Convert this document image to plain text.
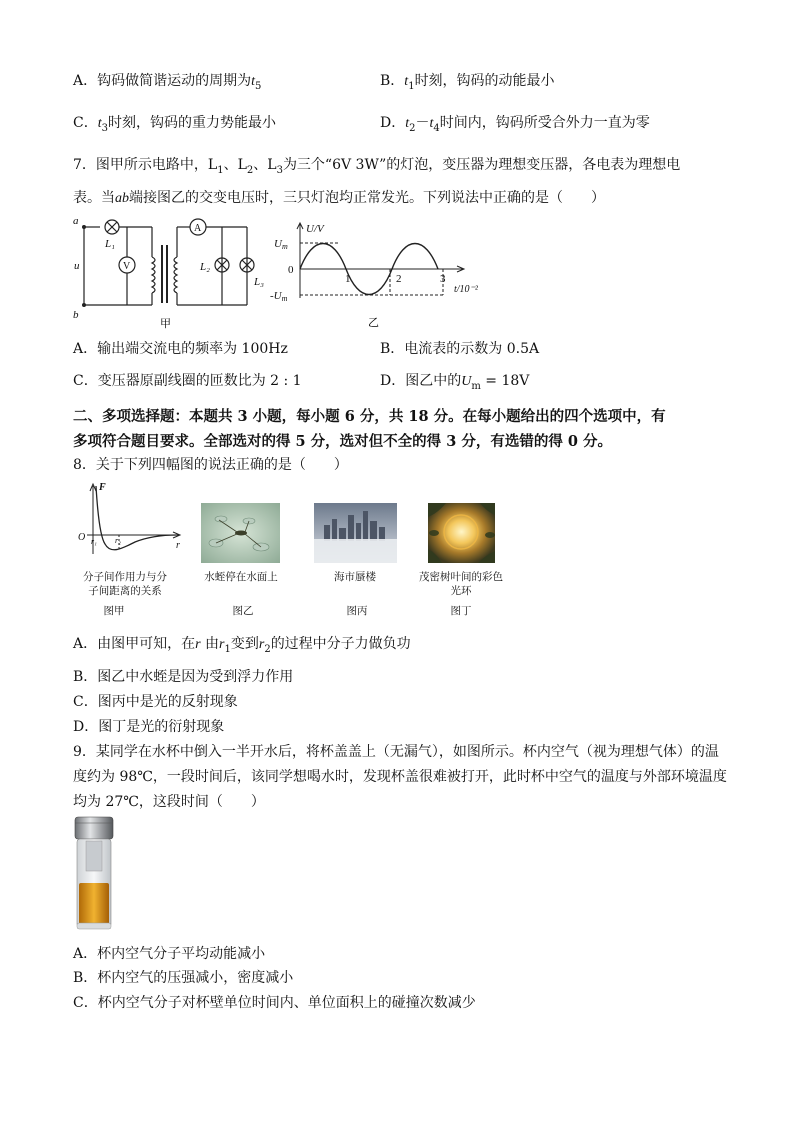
A．钩码做简谐运动的周期为$t_5$	B．$t_1$时刻，钩码的动能最小
C．$t_3$时刻，钩码的重力势能最小	D．$t_2-t_4$时间内，钩码所受合外力一直为零
7．图甲所示电路中，$L_1$、$L_2$、$L_3$为三个“6V 3W”的灯泡，变压器为理想变压器，各电表为理想电
表。当ab端接图乙的交变电压时，三只灯泡均正常发光。下列说法中正确的是（　　）
a
b
u
L₁
V
A
L₂
L₃
甲
U/V
Um
0
-Um
1	2	3
t/10⁻²
乙
A．输出端交流电的频率为 100Hz	B．电流表的示数为 0.5A
C．变压器原副线圈的匝数比为 2 : 1	D．图乙中的$U_m = 18V$
二、多项选择题：本题共 3 小题，每小题 6 分，共 18 分。在每小题给出的四个选项中，有
多项符合题目要求。全部选对的得 5 分，选对但不全的得 3 分，有选错的得 0 分。
8．关于下列四幅图的说法正确的是（　　）
F
O r₁ r₂	r
分子间作用力与分子间距离的关系
图甲
水蛭停在水面上
图乙
海市蜃楼
图丙
茂密树叶间的彩色光环
图丁
A．由图甲可知，在r 由$r_1$变到$r_2$的过程中分子力做负功
B．图乙中水蛭是因为受到浮力作用
C．图丙中是光的反射现象
D．图丁是光的衍射现象
9．某同学在水杯中倒入一半开水后，将杯盖盖上（无漏气），如图所示。杯内空气（视为理想气体）的温
度约为 98℃，一段时间后，该同学想喝水时，发现杯盖很难被打开，此时杯中空气的温度与外部环境温度
均为 27℃，这段时间（　　）
A．杯内空气分子平均动能减小
B．杯内空气的压强减小，密度减小
C．杯内空气分子对杯壁单位时间内、单位面积上的碰撞次数减少
